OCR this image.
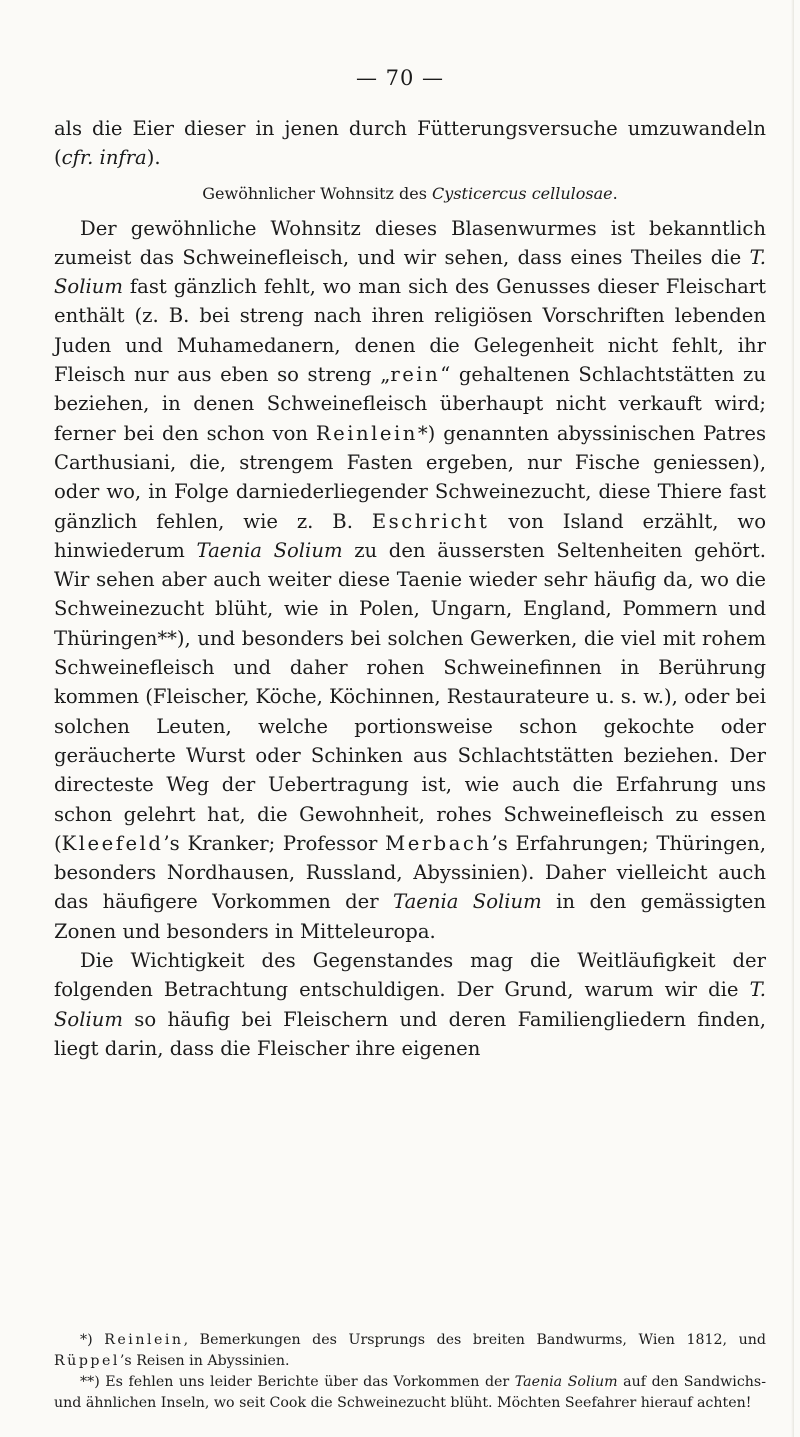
— 70 —

als die Eier dieser in jenen durch Fütterungsversuche umzuwandeln (cfr. infra).

Gewöhnlicher Wohnsitz des Cysticercus cellulosae.

Der gewöhnliche Wohnsitz dieses Blasenwurmes ist bekanntlich zumeist das Schweinefleisch, und wir sehen, dass eines Theiles die T. Solium fast gänzlich fehlt, wo man sich des Genusses dieser Fleischart enthält (z. B. bei streng nach ihren religiösen Vorschriften lebenden Juden und Muhamedanern, denen die Gelegenheit nicht fehlt, ihr Fleisch nur aus eben so streng „rein“ gehaltenen Schlachtstätten zu beziehen, in denen Schweinefleisch überhaupt nicht verkauft wird; ferner bei den schon von Reinlein*) genannten abyssinischen Patres Carthusiani, die, strengem Fasten ergeben, nur Fische geniessen), oder wo, in Folge darniederliegender Schweinezucht, diese Thiere fast gänzlich fehlen, wie z. B. Eschricht von Island erzählt, wo hinwiederum Taenia Solium zu den äussersten Seltenheiten gehört. Wir sehen aber auch weiter diese Taenie wieder sehr häufig da, wo die Schweinezucht blüht, wie in Polen, Ungarn, England, Pommern und Thüringen**), und besonders bei solchen Gewerken, die viel mit rohem Schweinefleisch und daher rohen Schweinefinnen in Berührung kommen (Fleischer, Köche, Köchinnen, Restaurateure u. s. w.), oder bei solchen Leuten, welche portionsweise schon gekochte oder geräucherte Wurst oder Schinken aus Schlachtstätten beziehen. Der directeste Weg der Uebertragung ist, wie auch die Erfahrung uns schon gelehrt hat, die Gewohnheit, rohes Schweinefleisch zu essen (Kleefeld’s Kranker; Professor Merbach’s Erfahrungen; Thüringen, besonders Nordhausen, Russland, Abyssinien). Daher vielleicht auch das häufigere Vorkommen der Taenia Solium in den gemässigten Zonen und besonders in Mitteleuropa.

Die Wichtigkeit des Gegenstandes mag die Weitläufigkeit der folgenden Betrachtung entschuldigen. Der Grund, warum wir die T. Solium so häufig bei Fleischern und deren Familiengliedern finden, liegt darin, dass die Fleischer ihre eigenen

*) Reinlein, Bemerkungen des Ursprungs des breiten Bandwurms, Wien 1812, und Rüppel’s Reisen in Abyssinien.

**) Es fehlen uns leider Berichte über das Vorkommen der Taenia Solium auf den Sandwichs- und ähnlichen Inseln, wo seit Cook die Schweinezucht blüht. Möchten Seefahrer hierauf achten!
